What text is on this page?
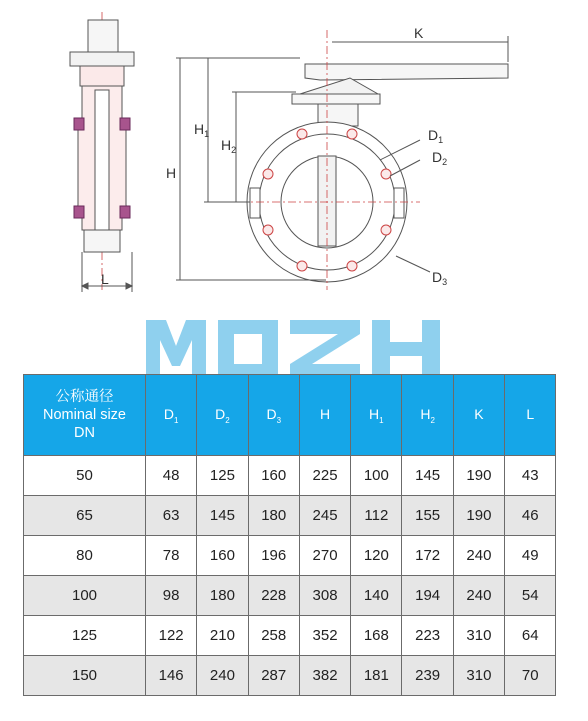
L
K
H
$H_1$
$H_2$
$D_1$
$D_2$
$D_3$
公称通径
Nominal size
DN	$D_1$	$D_2$	$D_3$	H	$H_1$	$H_2$	K	L
50	48	125	160	225	100	145	190	43
65	63	145	180	245	112	155	190	46
80	78	160	196	270	120	172	240	49
100	98	180	228	308	140	194	240	54
125	122	210	258	352	168	223	310	64
150	146	240	287	382	181	239	310	70
